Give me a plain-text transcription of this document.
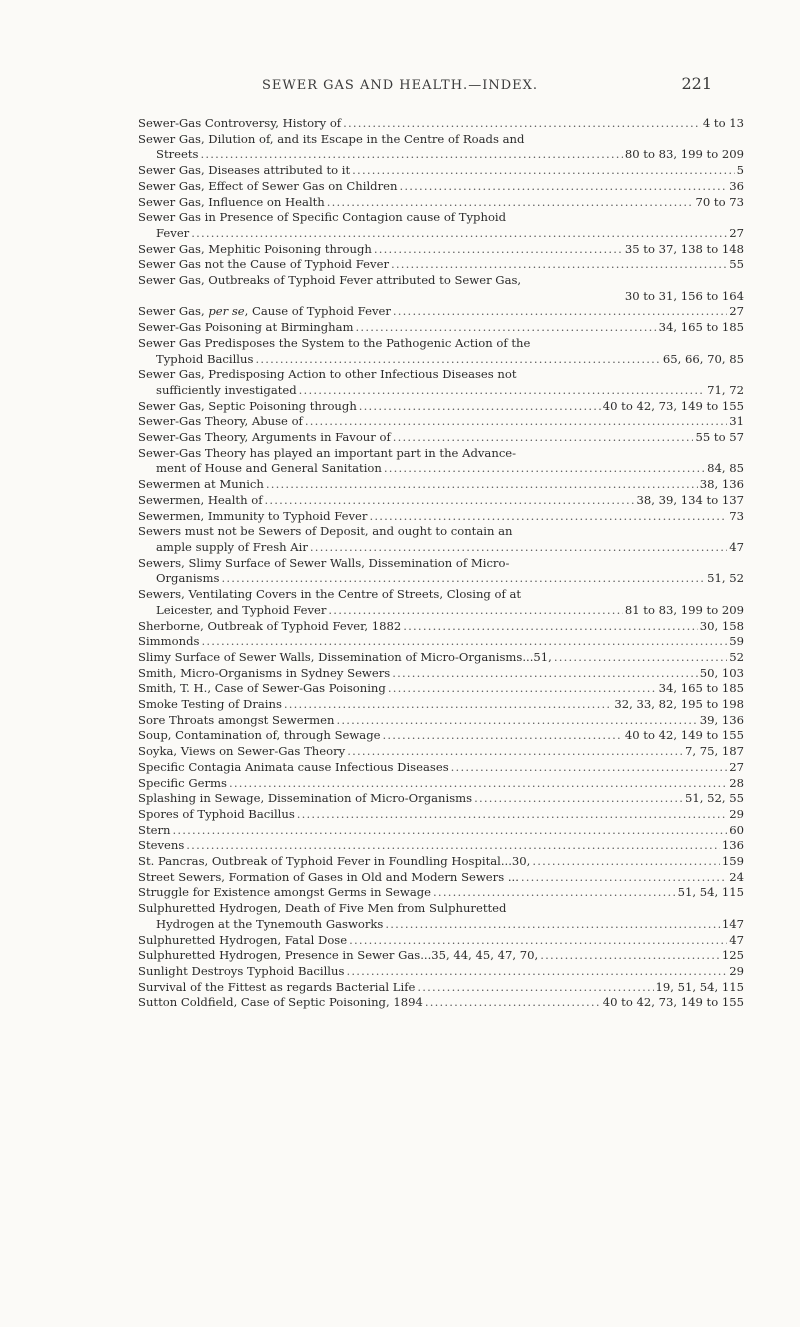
SEWER GAS AND HEALTH.—INDEX.	221
Sewer-Gas Controversy, History of .....	4 to 13
Sewer Gas, Dilution of, and its Escape in the Centre of Roads and
Streets .....	80 to 83, 199 to 209
Sewer Gas, Diseases attributed to it .....	5
Sewer Gas, Effect of Sewer Gas on Children .....	36
Sewer Gas, Influence on Health .....	70 to 73
Sewer Gas in Presence of Specific Contagion cause of Typhoid
Fever .....	27
Sewer Gas, Mephitic Poisoning through .....	35 to 37, 138 to 148
Sewer Gas not the Cause of Typhoid Fever .....	55
Sewer Gas, Outbreaks of Typhoid Fever attributed to Sewer Gas,
30 to 31, 156 to 164
Sewer Gas, per se, Cause of Typhoid Fever .....	27
Sewer-Gas Poisoning at Birmingham .....	34, 165 to 185
Sewer Gas Predisposes the System to the Pathogenic Action of the
Typhoid Bacillus .....	65, 66, 70, 85
Sewer Gas, Predisposing Action to other Infectious Diseases not
sufficiently investigated .....	71, 72
Sewer Gas, Septic Poisoning through .....	40 to 42, 73, 149 to 155
Sewer-Gas Theory, Abuse of .....	31
Sewer-Gas Theory, Arguments in Favour of .....	55 to 57
Sewer-Gas Theory has played an important part in the Advance-
ment of House and General Sanitation .....	84, 85
Sewermen at Munich .....	38, 136
Sewermen, Health of .....	38, 39, 134 to 137
Sewermen, Immunity to Typhoid Fever .....	73
Sewers must not be Sewers of Deposit, and ought to contain an
ample supply of Fresh Air .....	47
Sewers, Slimy Surface of Sewer Walls, Dissemination of Micro-
Organisms .....	51, 52
Sewers, Ventilating Covers in the Centre of Streets, Closing of at
Leicester, and Typhoid Fever .....	81 to 83, 199 to 209
Sherborne, Outbreak of Typhoid Fever, 1882 .....	30, 158
Simmonds .....	59
Slimy Surface of Sewer Walls, Dissemination of Micro-Organisms...51, .....	52
Smith, Micro-Organisms in Sydney Sewers .....	50, 103
Smith, T. H., Case of Sewer-Gas Poisoning .....	34, 165 to 185
Smoke Testing of Drains .....	32, 33, 82, 195 to 198
Sore Throats amongst Sewermen .....	39, 136
Soup, Contamination of, through Sewage .....	40 to 42, 149 to 155
Soyka, Views on Sewer-Gas Theory .....	7, 75, 187
Specific Contagia Animata cause Infectious Diseases .....	27
Specific Germs .....	28
Splashing in Sewage, Dissemination of Micro-Organisms .....	51, 52, 55
Spores of Typhoid Bacillus .....	29
Stern .....	60
Stevens .....	136
St. Pancras, Outbreak of Typhoid Fever in Foundling Hospital...30, .....	159
Street Sewers, Formation of Gases in Old and Modern Sewers ... .....	24
Struggle for Existence amongst Germs in Sewage .....	51, 54, 115
Sulphuretted Hydrogen, Death of Five Men from Sulphuretted
Hydrogen at the Tynemouth Gasworks .....	147
Sulphuretted Hydrogen, Fatal Dose .....	47
Sulphuretted Hydrogen, Presence in Sewer Gas...35, 44, 45, 47, 70, .....	125
Sunlight Destroys Typhoid Bacillus .....	29
Survival of the Fittest as regards Bacterial Life .....	19, 51, 54, 115
Sutton Coldfield, Case of Septic Poisoning, 1894 .....	40 to 42, 73, 149 to 155
